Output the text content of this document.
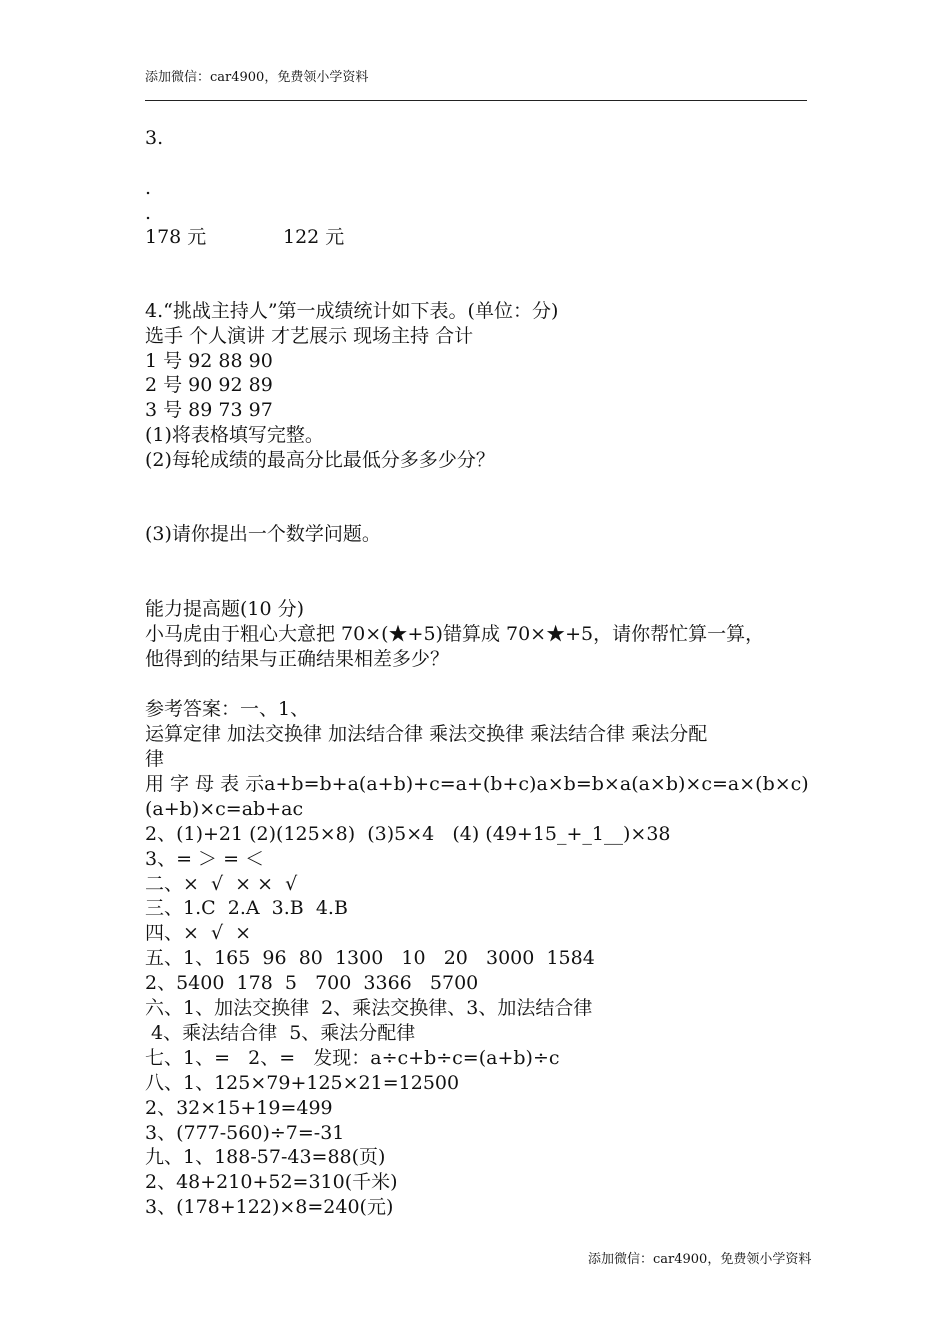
添加微信：car4900，免费领小学资料
3.
.
.
178 元	122 元
4.“挑战主持人”第一成绩统计如下表。(单位：分)
选手 个人演讲 才艺展示 现场主持 合计
1 号 92 88 90
2 号 90 92 89
3 号 89 73 97
(1)将表格填写完整。
(2)每轮成绩的最高分比最低分多多少分？
(3)请你提出一个数学问题。
能力提高题(10 分)
小马虎由于粗心大意把 70×(★+5)错算成 70×★+5，请你帮忙算一算，
他得到的结果与正确结果相差多少？
参考答案：一、1、
运算定律 加法交换律 加法结合律 乘法交换律 乘法结合律 乘法分配
律
用 字 母 表 示 a+b=b+a (a+b)+c=a+(b+c) a×b=b×a (a×b)×c=a×(b×c)
(a+b)×c=ab+ac
2、(1)+21 (2)(125×8)  (3)5×4   (4) (49+15_+_1__)×38
3、= ＞ = ＜
二、×  √  × ×  √
三、1.C  2.A  3.B  4.B
四、×  √  ×
五、1、165  96  80  1300   10   20   3000  1584
2、5400  178  5   700  3366   5700
六、1、加法交换律  2、乘法交换律、3、加法结合律
4、乘法结合律  5、乘法分配律
七、1、=   2、=   发现：a÷c+b÷c=(a+b)÷c
八、1、125×79+125×21=12500
2、32×15+19=499
3、(777-560)÷7=-31
九、1、188-57-43=88(页)
2、48+210+52=310(千米)
3、(178+122)×8=240(元)
添加微信：car4900，免费领小学资料
